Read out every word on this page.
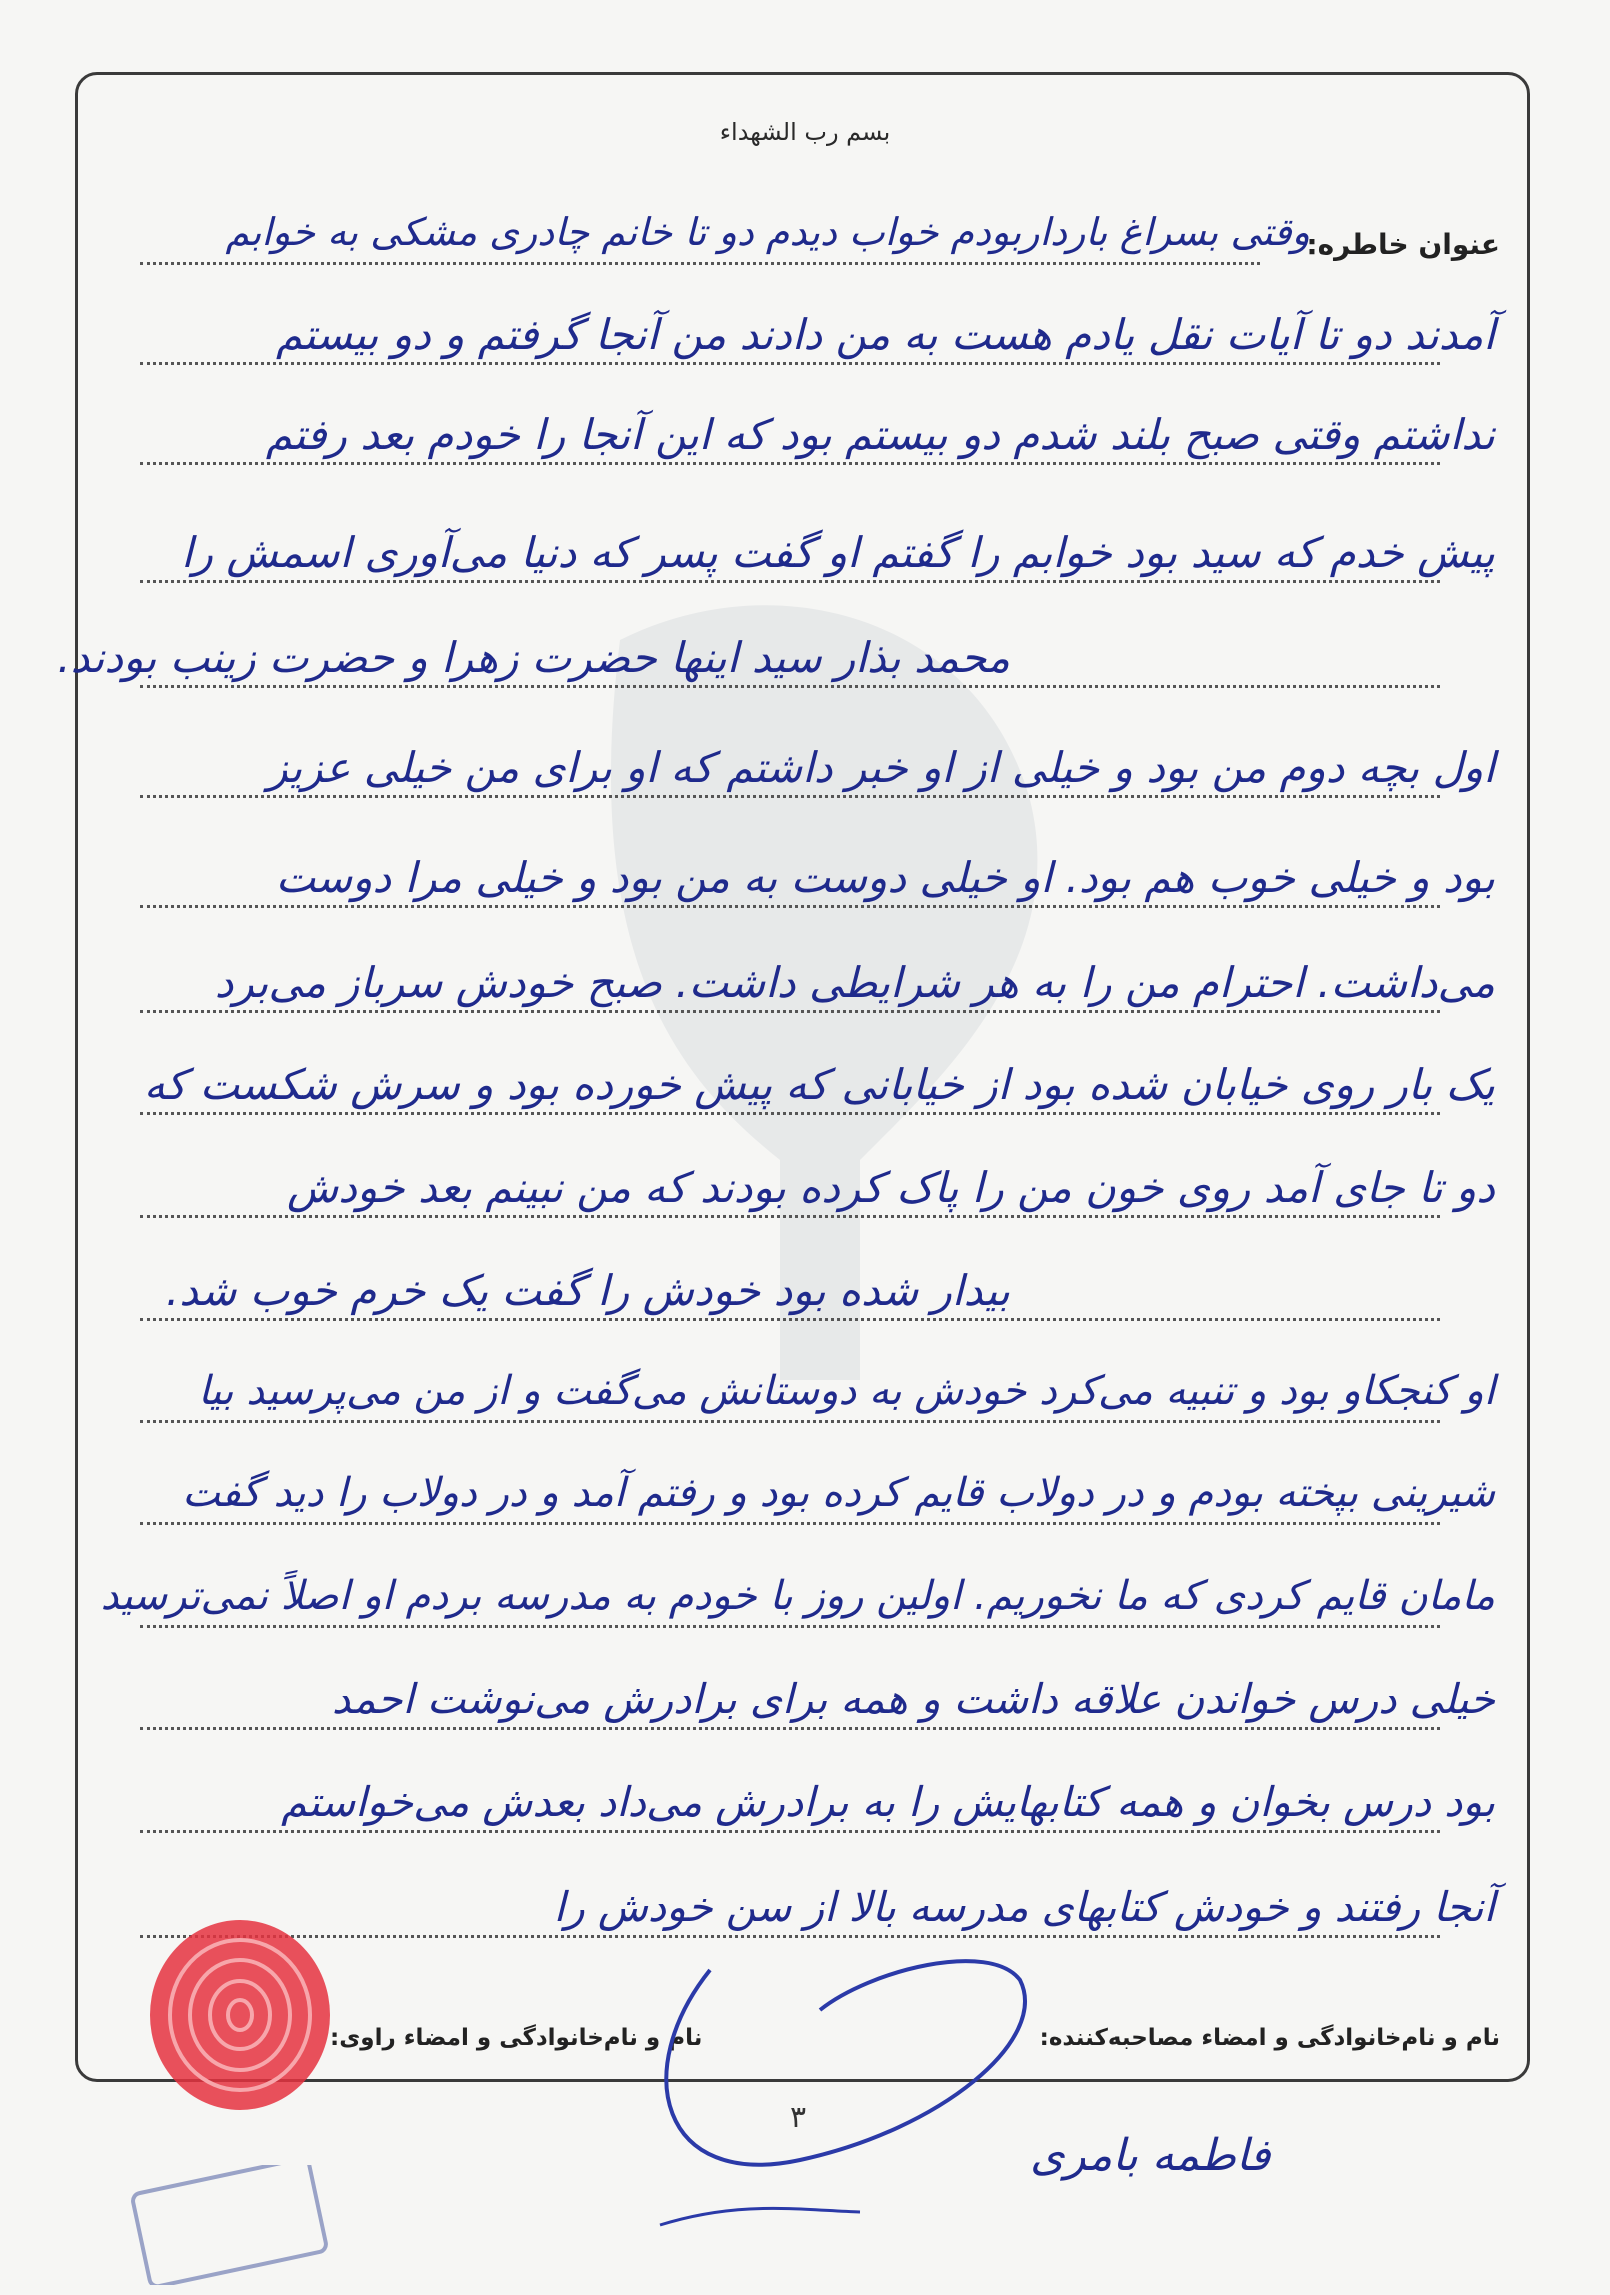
بسم رب الشهداء
عنوان خاطره:
وقتی بسراغ بارداربودم خواب دیدم دو تا خانم چادری مشکی به خوابم
آمدند دو تا آیات نقل یادم هست به من دادند من آنجا گرفتم و دو بیستم
نداشتم وقتی صبح بلند شدم دو بیستم بود که این آنجا را خودم بعد رفتم
پیش خدم که سید بود خوابم را گفتم او گفت پسر که دنیا می‌آوری اسمش را
محمد بذار سید اینها حضرت زهرا و حضرت زینب بودند.
اول بچه دوم من بود و خیلی از او خبر داشتم که او برای من خیلی عزیز
بود و خیلی خوب هم بود. او خیلی دوست به من بود و خیلی مرا دوست
می‌داشت. احترام من را به هر شرایطی داشت. صبح خودش سرباز می‌برد
یک بار روی خیابان شده بود از خیابانی که پیش خورده بود و سرش شکست که
دو تا جای آمد روی خون من را پاک کرده بودند که من نبینم بعد خودش
بیدار شده بود خودش را گفت یک خرم خوب شد.
او کنجکاو بود و تنبیه می‌کرد خودش به دوستانش می‌گفت و از من می‌پرسید بیا
شیرینی بپخته بودم و در دولاب قایم کرده بود و رفتم آمد و در دولاب را دید گفت
مامان قایم کردی که ما نخوریم. اولین روز با خودم به مدرسه بردم او اصلاً نمی‌ترسید
خیلی درس خواندن علاقه داشت و همه برای برادرش می‌نوشت احمد
بود درس بخوان و همه کتابهایش را به برادرش می‌داد بعدش می‌خواستم
آنجا رفتند و خودش کتابهای مدرسه بالا از سن خودش را
نام و نام‌خانوادگی و امضاء مصاحبه‌کننده:
نام و نام‌خانوادگی و امضاء راوی:
۳
فاطمه بامری
